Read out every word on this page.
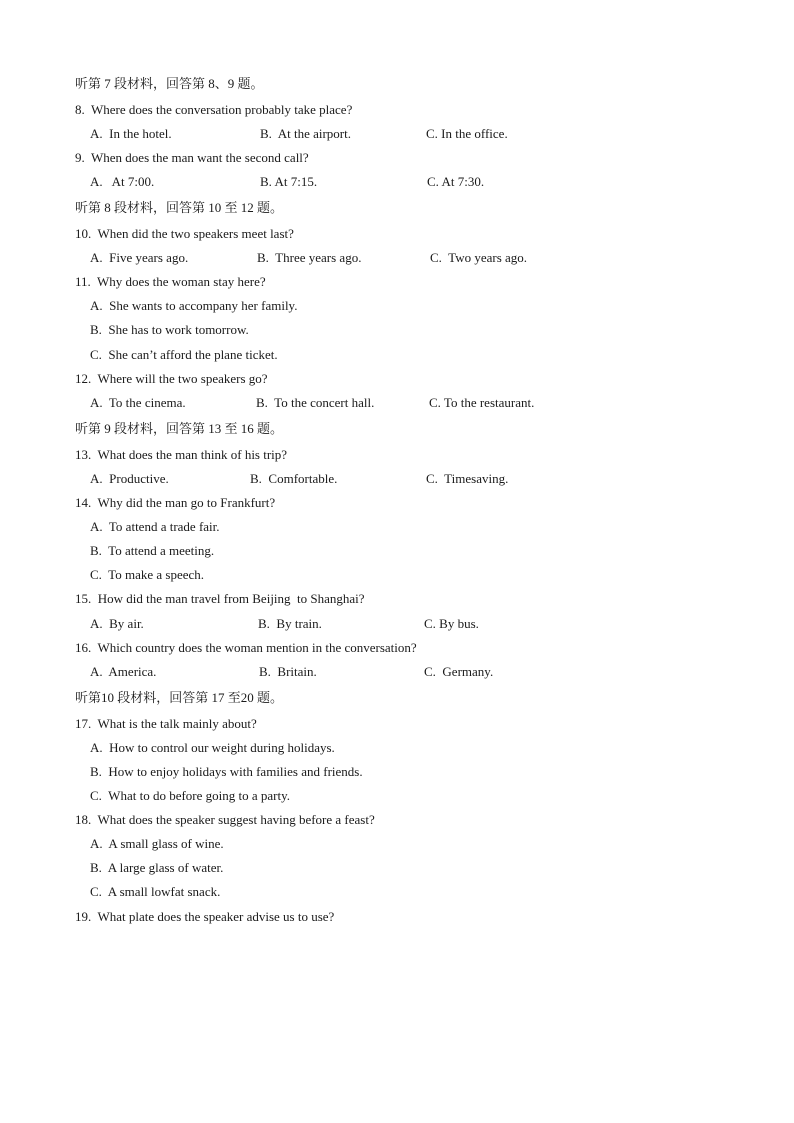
听第 7 段材料，回答第 8、9 题。
8.  Where does the conversation probably take place?
A.  In the hotel.	B.  At the airport.	C. In the office.
9.  When does the man want the second call?
A.   At 7:00.	B. At 7:15.	C. At 7:30.
听第 8 段材料，回答第 10 至 12 题。
10.  When did the two speakers meet last?
A.  Five years ago.	B.  Three years ago.	C.  Two years ago.
11.  Why does the woman stay here?
A.  She wants to accompany her family.
B.  She has to work tomorrow.
C.  She can’t afford the plane ticket.
12.  Where will the two speakers go?
A.  To the cinema.	B.  To the concert hall.	C. To the restaurant.
听第 9 段材料，回答第 13 至 16 题。
13.  What does the man think of his trip?
A.  Productive.	B.  Comfortable.	C.  Timesaving.
14.  Why did the man go to Frankfurt?
A.  To attend a trade fair.
B.  To attend a meeting.
C.  To make a speech.
15.  How did the man travel from Beijing  to Shanghai?
A.  By air.	B.  By train.	C. By bus.
16.  Which country does the woman mention in the conversation?
A.  America.	B.  Britain.	C.  Germany.
听第10 段材料，回答第 17 至20 题。
17.  What is the talk mainly about?
A.  How to control our weight during holidays.
B.  How to enjoy holidays with families and friends.
C.  What to do before going to a party.
18.  What does the speaker suggest having before a feast?
A.  A small glass of wine.
B.  A large glass of water.
C.  A small lowfat snack.
19.  What plate does the speaker advise us to use?
